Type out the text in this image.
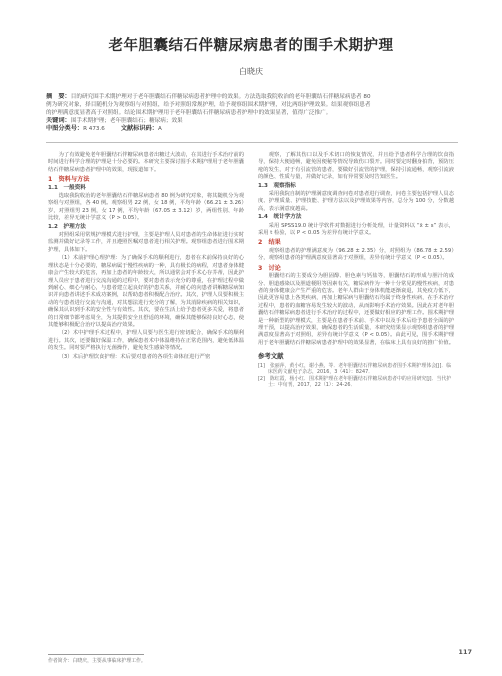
老年胆囊结石伴糖尿病患者的围手术期护理
白晓庆
摘　要：目的研究围手术期护理对于老年胆囊结石伴糖尿病患者护理中的效果。方法选取我院收治的老年胆囊结石伴糖尿病患者 80
例为研究对象，择目随机分为观察组与对照组，给予对照组常规护理，给予观察组围术期护理，对比两组护理效果。结果观察组患者
的护理满意度显著高于对照组。结论围术期护理用于老年胆囊结石伴糖尿病患者护理中的效果显著，值得广泛推广。
关键词：围手术期护理；老年胆囊结石；糖尿病；效果
中图分类号：R 473.6	文献标识码：A
为了有效避免老年胆囊结石伴糖尿病患者出糖过大波动，在其进行手术治疗前的时间进行科学合理的护理是十分必要的。本研究主要探讨围手术期护理用于老年胆囊结石伴糖尿病患者护理中的效果，现报道如下。
1　资料与方法
1.1　一般资料
选取我院收治的老年胆囊结石伴糖尿病患者 80 例为研究对象，将其随机分为观察组与对照组，各 40 例。观察组男 22 例，女 18 例，平均年龄（66.21 ± 3.26）岁，对照组男 23 例，女 17 例，平均年龄（67.05 ± 3.12）岁，两组性别、年龄比较，差异无统计学意义（P > 0.05）。
1.2　护理方法
对照组采用常规护理模式进行护理，主要是护理人员对患者的生命体征进行实时监测并做好记录等工作，并且遵照医嘱对患者进行相关护理。观察组患者进行围术期护理，具体如下。
（1）术前护理心理护理：为了确保手术的顺利进行，患者在术前保持良好的心理状态是十分必要的，糖尿病属于慢性疾病的一种，具有极长的病程，对患者身体健康会产生较大的危害，再加上患者的年龄较大，所以通常会对手术心存芥蒂，因此护理人员应于患者进行交流沟通的过程中，要对患者表示充分的尊重，在护理过程中做到耐心、细心与耐心，与患者建立起良好的护患关系，并耐心的向患者讲解糖尿病知识并向患者讲述手术成功案例，以帮助患者积极配合治疗。其次，护理人员要积极主动的与患者进行交流与沟通，对其想法进行充分的了解，为其消除疾病的相关知识，确保其认识到手术的安全性与有效性。其次，要在生活上给予患者更多关爱，将患者的日常细节都考虑周全，为其提供安全且舒适的环境，确保其能够保持良好心态，使其能够积极配合治疗以提高治疗效果。
（2）术中护理手术过程中，护理人员要与医生进行密切配合，确保手术的顺利进行。其次，还要做好保温工作，确保患者术中体温维持在正常范围内，避免低体温的发生。同时要严格执行无菌操作，避免发生感染等情况。
（3）术后护理饮食护理：术后要对患者的各项生命体征进行严密
观察，了解其伤口以及手术切口的恢复情况，并且给予患者科学合理的饮食指导，保持大便通畅，避免因便秘等情况导致伤口裂开。同时要定时翻身拍背，预防压疮的发生，对于有引流管的患者，要做好引流管的护理，保持引流通畅，观察引流液的颜色、性质与量，并做好记录，如有异常要及时告知医生。
1.3　观察指标
采用我院自制的护理满意度调查问卷对患者进行调查，问卷主要包括护理人员态度、护理质量、护理技能、护理方法以及护理效果等内容，总分为 100 分，分数越高，表示满意度越高。
1.4　统计学方法
采用 SPSS19.0 统计学软件对数据进行分析处理，计量资料以 “x̄ ± s” 表示，采用 t 检验，以 P < 0.05 为差异有统计学意义。
2　结果
观察组患者的护理满意度为（96.28 ± 2.35）分，对照组为（86.78 ± 2.59）分，观察组患者的护理满意度显著高于对照组，差异有统计学意义（P < 0.05）。
3　讨论
胆囊结石的主要成分为胆固醇、胆色素与钙盐等，胆囊结石的形成与胆汁的成分、胆道感染以及胆道梗阻等因素有关，糖尿病作为一种十分常见的慢性疾病，对患者的身体健康会产生严重的危害。老年人群由于身体机能逐渐衰退，其免疫力低下，因此更容易患上各类疾病，再加上糖尿病与胆囊结石均属于终身性疾病，在手术治疗过程中，患者的血糖容易发生较大的波动，从而影响手术治疗效果。因此在对老年胆囊结石伴糖尿病患者进行手术治疗的过程中，还要做好相应的护理工作。围术期护理是一种新型的护理模式，主要是在患者手术前、手术中以及手术后给予患者全面的护理干预，以提高治疗效果，确保患者的生活质量，本研究结果显示观察组患者的护理满意度显著高于对照组，差异有统计学意义（P < 0.05）。由此可见，围手术期护理用于老年胆囊结石伴糖尿病患者护理中的效果显著，在临床上具有良好的推广价值。
参考文献
[1]　张丽萍，黄小红，谢小燕，等．老年胆囊结石伴糖尿病患者围手术期护理体会[J]．临床医药文献电子杂志，2016，3（41）：8247．
[2]　陈红霞，杨小红．围术期护理在老年胆囊结石伴糖尿病患者中的应用研究[J]．当代护士：中旬刊，2017，22（1）：24-26．
作者简介：白晓庆，主要从事临床护理工作。
117
